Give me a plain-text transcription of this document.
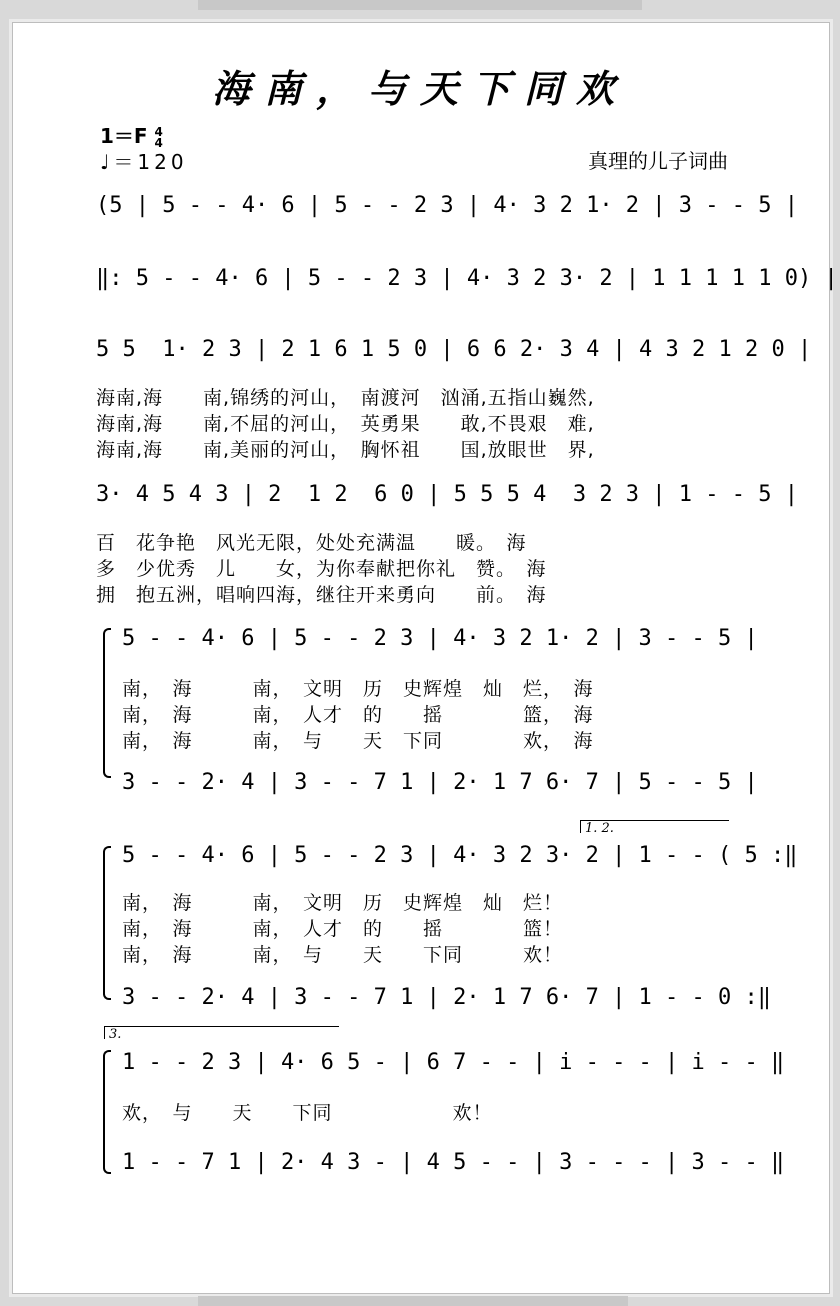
海南，与天下同欢
1＝F 4
4
♩＝120	真理的儿子词曲
(5 | 5 - - 4· 6 | 5 - - 2 3 | 4· 3 2 1· 2 | 3 - - 5 |
‖: 5 - - 4· 6 | 5 - - 2 3 | 4· 3 2 3· 2 | 1 1 1 1 1 0) |
5 5  1· 2 3 | 2 1 6 1 5 0 | 6 6 2· 3 4 | 4 3 2 1 2 0 |
海南,海　　南,锦绣的河山，　南渡河　汹涌,五指山巍然,
海南,海　　南,不屈的河山，　英勇果　　敢,不畏艰　难,
海南,海　　南,美丽的河山，　胸怀祖　　国,放眼世　界,
3· 4 5 4 3 | 2  1 2  6 0 | 5 5 5 4  3 2 3 | 1 - - 5 |
百　花争艳　风光无限，处处充满温　　暖。　海
多　少优秀　儿　　女，为你奉献把你礼　赞。　海
拥　抱五洲，唱响四海，继往开来勇向　　前。　海
5 - - 4· 6 | 5 - - 2 3 | 4· 3 2 1· 2 | 3 - - 5 |
南，　海　　　南，　文明　历　史辉煌　灿　烂，　海
南，　海　　　南，　人才　的　　摇　　　　篮，　海
南，　海　　　南，　与　　天　下同　　　　欢，　海
3 - - 2· 4 | 3 - - 7 1 | 2· 1 7 6· 7 | 5 - - 5 |
1. 2.
5 - - 4· 6 | 5 - - 2 3 | 4· 3 2 3· 2 | 1 - - ( 5 :‖
南，　海　　　南，　文明　历　史辉煌　灿　烂！
南，　海　　　南，　人才　的　　摇　　　　篮！
南，　海　　　南，　与　　天　　下同　　　欢！
3 - - 2· 4 | 3 - - 7 1 | 2· 1 7 6· 7 | 1 - - 0 :‖
3.
1 - - 2 3 | 4· 6 5 - | 6 7 - - | i - - - | i - - ‖
欢，　与　　天　　下同　　　　　　欢！
1 - - 7 1 | 2· 4 3 - | 4 5 - - | 3 - - - | 3 - - ‖
